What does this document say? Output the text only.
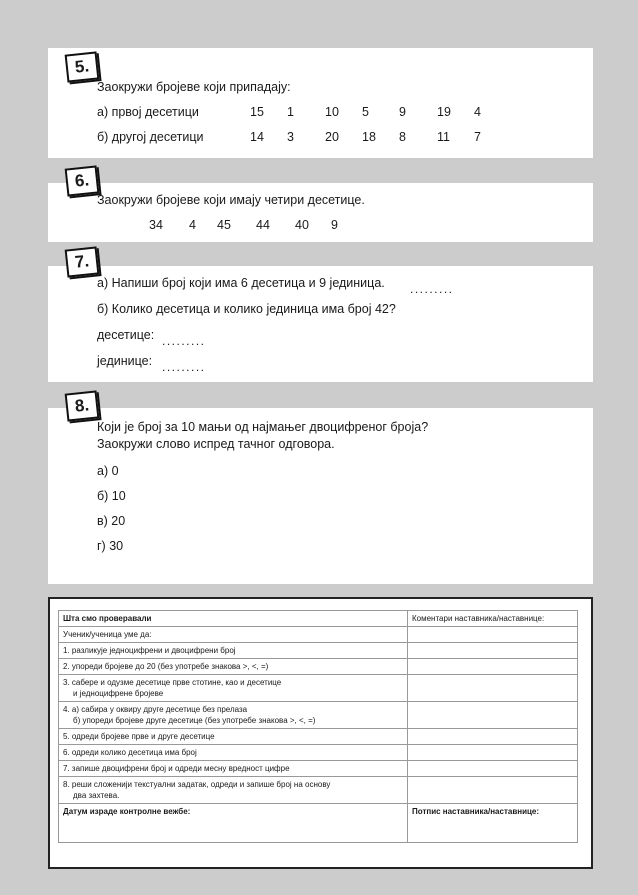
5.
Заокружи бројеве који припадају:
а) првој десетици	15 1 10 5 9 19 4
б) другој десетици	14 3 20 18 8 11 7
6.
Заокружи бројеве који имају четири десетице.
34 4 45 44 40 9
7.
а) Напиши број који има 6 десетица и 9 јединица. .........
б) Колико десетица и колико јединица има број 42?
десетице: .........
јединице: .........
8.
Који је број за 10 мањи од најмањег двоцифреног броја?
Заокружи слово испред тачног одговора.
а) 0
б) 10
в) 20
г) 30
Шта смо проверавали	Коментари наставника/наставнице:
Ученик/ученица уме да:	
1. разликује једноцифрени и двоцифрени број	
2. упореди бројеве до 20 (без употребе знакова >, <, =)	

3. сабере и одузме десетице прве стотине, као и десетице
и једноцифрене бројеве	

4. а) сабира у оквиру друге десетице без прелаза
б) упореди бројеве друге десетице (без употребе знакова >, <, =)	

5. одреди бројеве прве и друге десетице	
6. одреди колико десетица има број	
7. запише двоцифрени број и одреди месну вредност цифре	

8. реши сложенији текстуални задатак, одреди и запише број на основу
два захтева.	

Датум израде контролне вежбе:	Потпис наставника/наставнице:
